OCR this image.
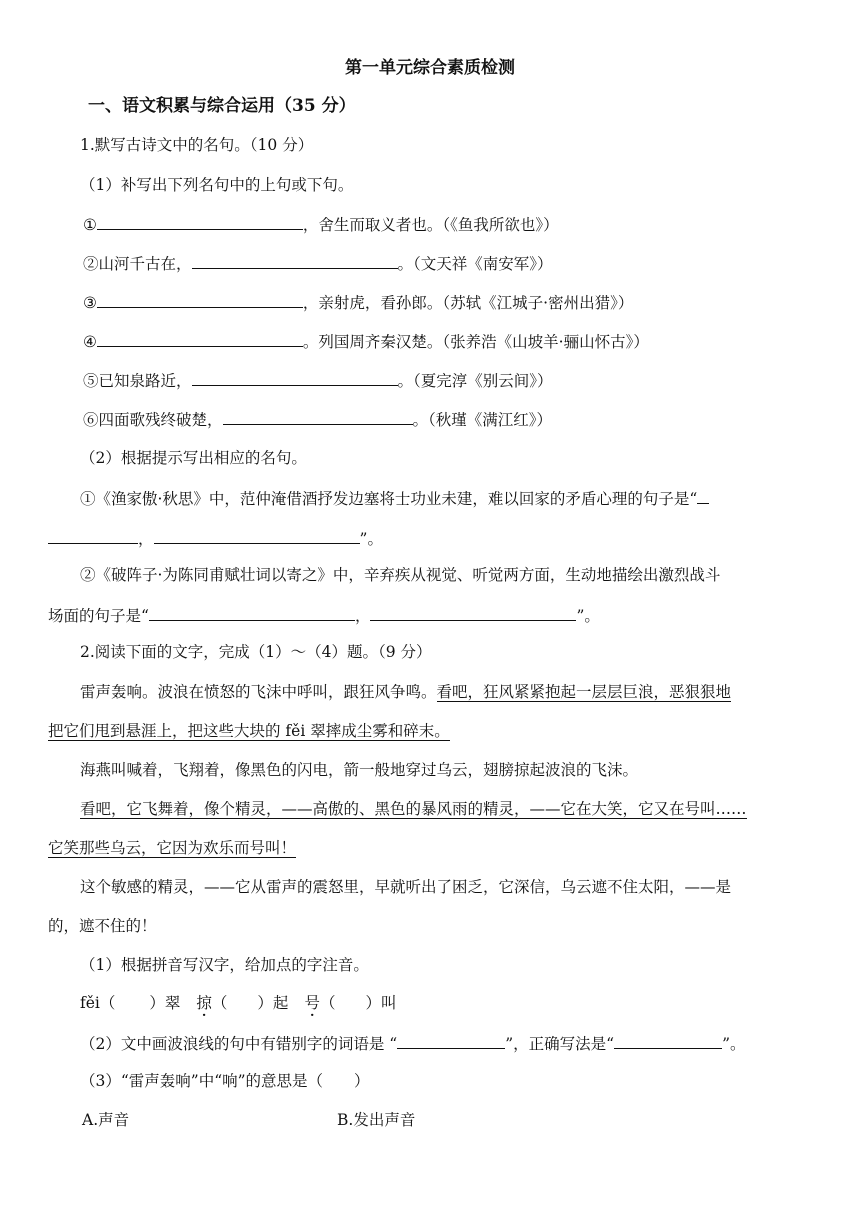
第一单元综合素质检测
一、语文积累与综合运用（35 分）
1.默写古诗文中的名句。（10 分）
（1）补写出下列名句中的上句或下句。
①	，舍生而取义者也。（《鱼我所欲也》）
②山河千古在，	。（文天祥《南安军》）
③	，亲射虎，看孙郎。（苏轼《江城子·密州出猎》）
④	。列国周齐秦汉楚。（张养浩《山坡羊·骊山怀古》）
⑤已知泉路近，	。（夏完淳《别云间》）
⑥四面歌残终破楚，	。（秋瑾《满江红》）
（2）根据提示写出相应的名句。
①《渔家傲·秋思》中，范仲淹借酒抒发边塞将士功业未建，难以回家的矛盾心理的句子是“
，	”。
②《破阵子·为陈同甫赋壮词以寄之》中，辛弃疾从视觉、听觉两方面，生动地描绘出激烈战斗
场面的句子是“	，	”。
2.阅读下面的文字，完成（1）～（4）题。（9 分）
雷声轰响。波浪在愤怒的飞沫中呼叫，跟狂风争鸣。看吧，狂风紧紧抱起一层层巨浪，恶狠狠地
把它们甩到悬涯上，把这些大块的 fěi 翠摔成尘雾和碎末。
海燕叫喊着，飞翔着，像黑色的闪电，箭一般地穿过乌云，翅膀掠起波浪的飞沫。
看吧，它飞舞着，像个精灵，——高傲的、黑色的暴风雨的精灵，——它在大笑，它又在号叫……
它笑那些乌云，它因为欢乐而号叫！
这个敏感的精灵，——它从雷声的震怒里，早就听出了困乏，它深信，乌云遮不住太阳，——是
的，遮不住的！
（1）根据拼音写汉字，给加点的字注音。
fěi（ ）翠 掠（ ）起 号（ ）叫
（2）文中画波浪线的句中有错别字的词语是 “	”，正确写法是“	”。
（3）“雷声轰响”中“响”的意思是（　　）
A.声音	B.发出声音
